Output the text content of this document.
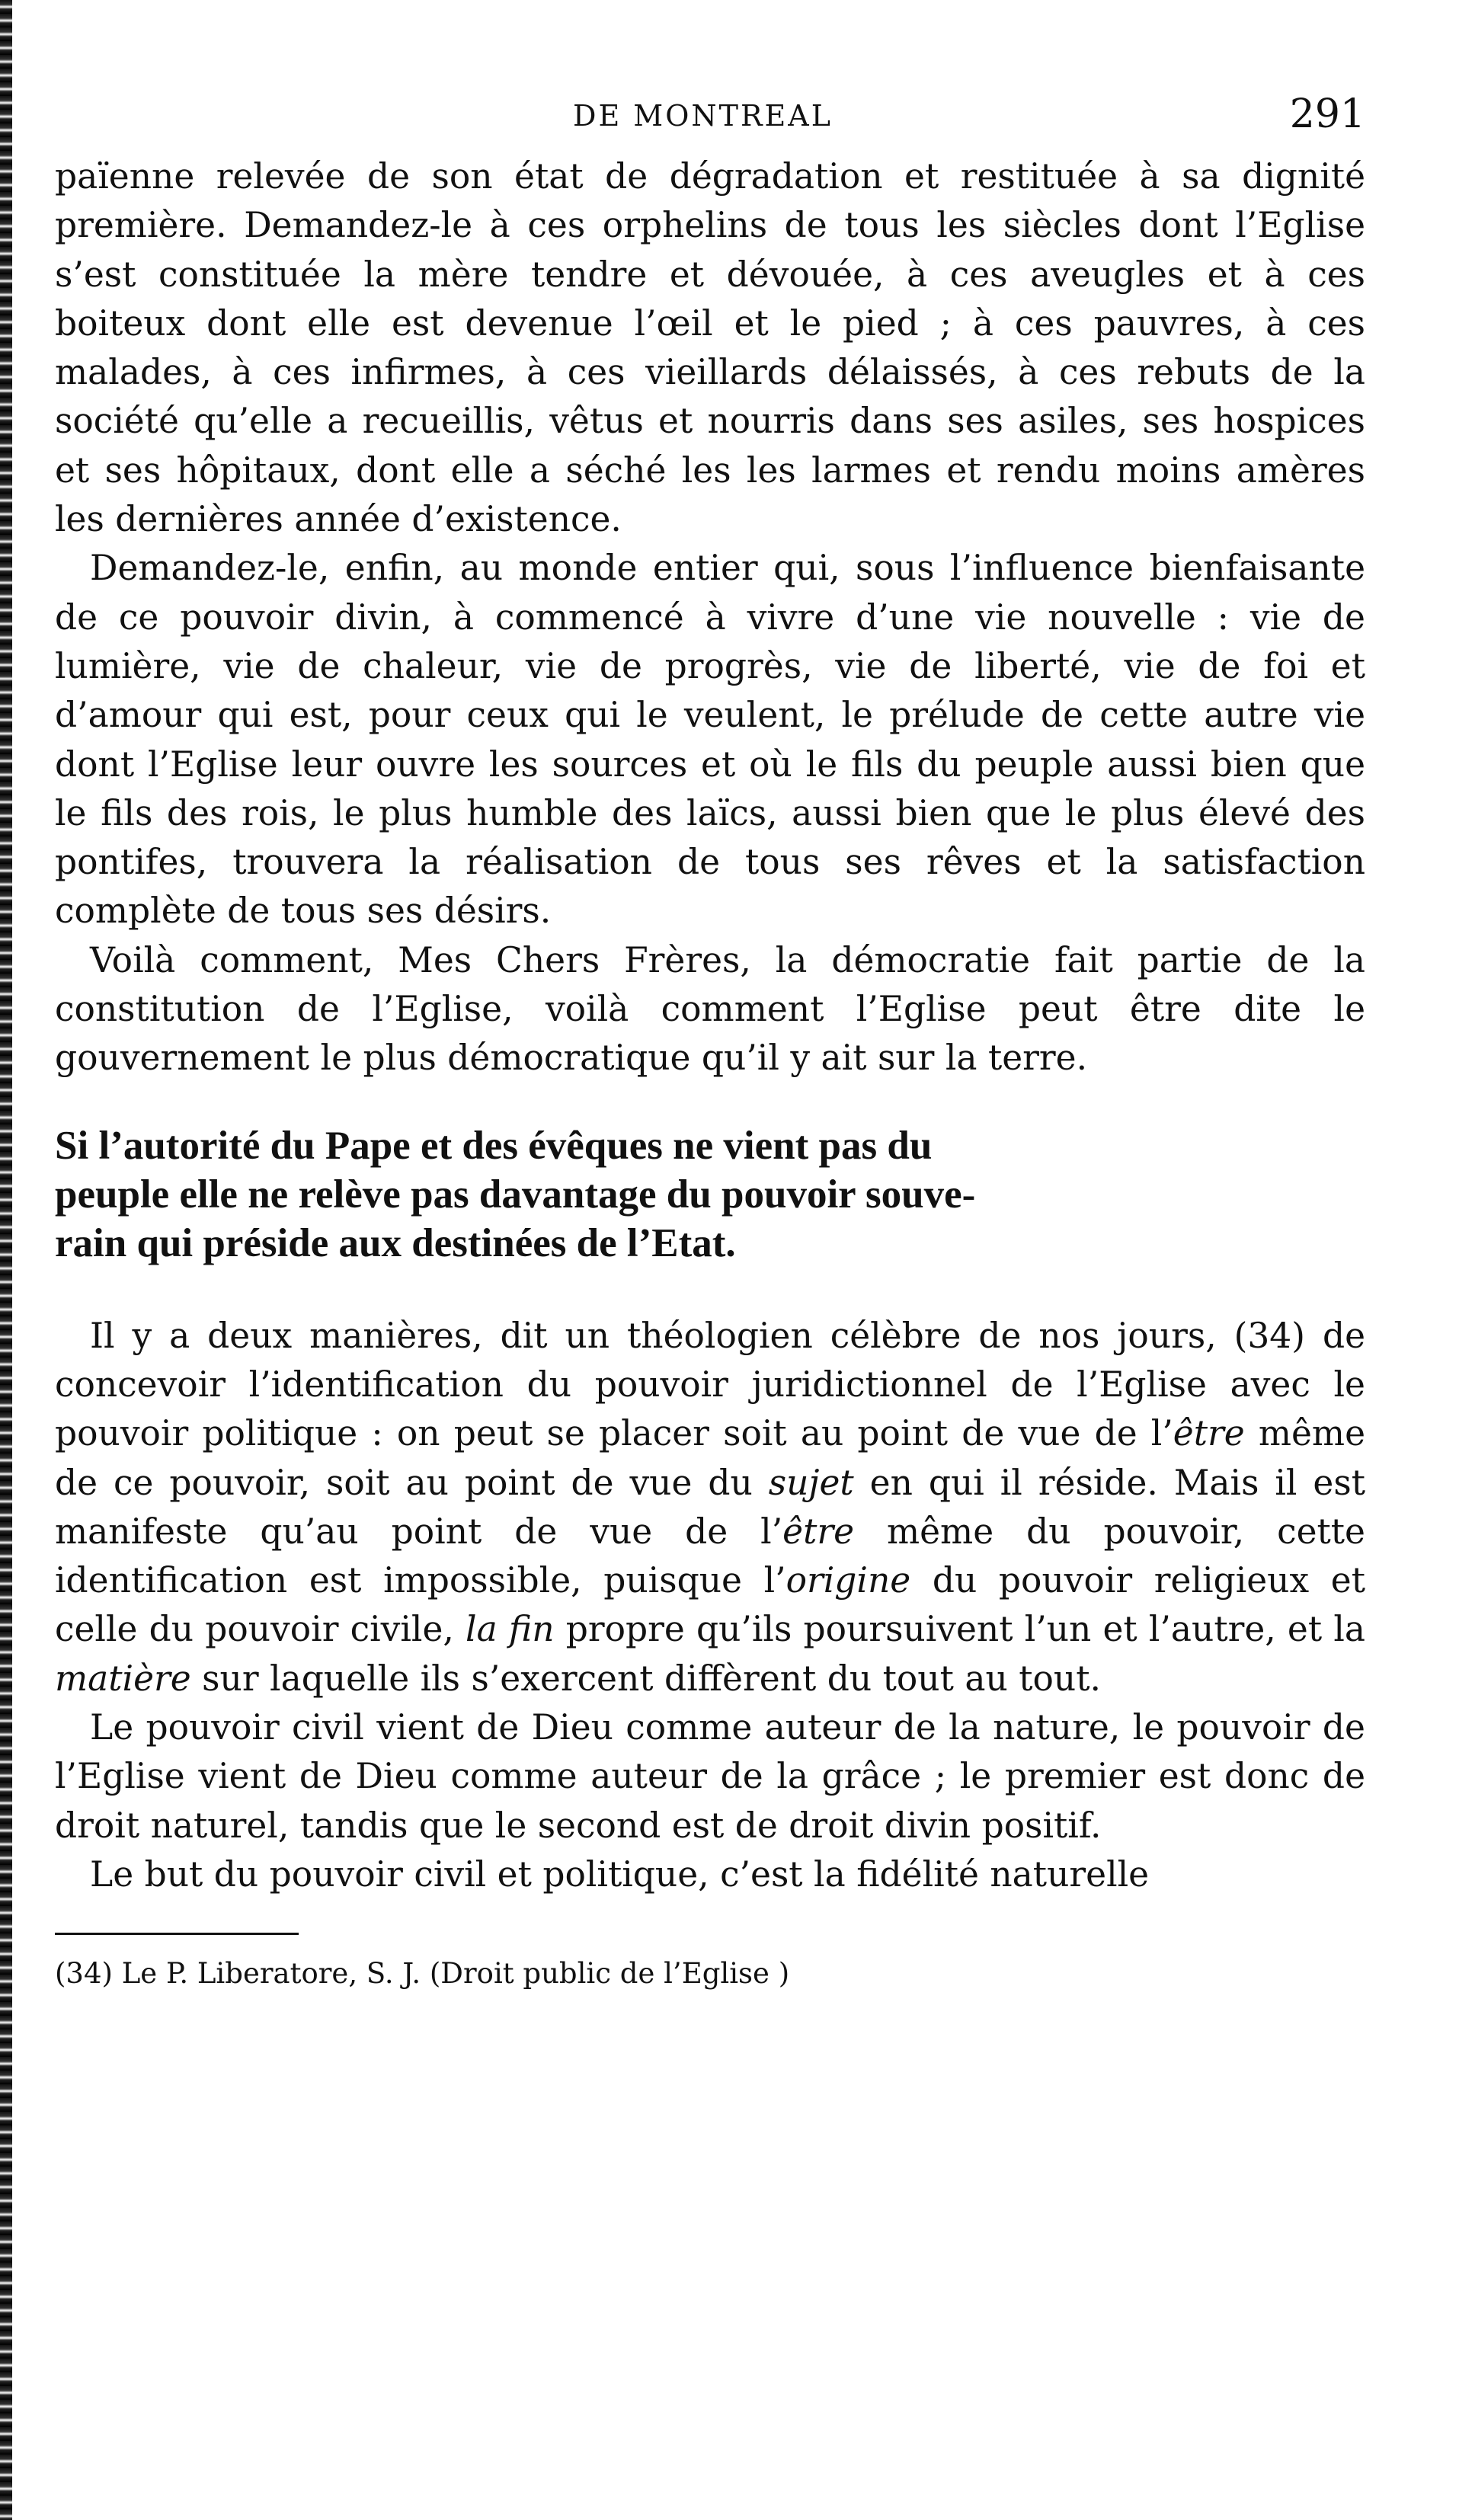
DE MONTREAL	291

païenne relevée de son état de dégradation et restituée à sa dignité première. Demandez-le à ces orphelins de tous les siècles dont l’Eglise s’est constituée la mère tendre et dévouée, à ces aveugles et à ces boiteux dont elle est devenue l’œil et le pied ; à ces pauvres, à ces malades, à ces infirmes, à ces vieillards délaissés, à ces rebuts de la société qu’elle a recueillis, vêtus et nourris dans ses asiles, ses hospices et ses hôpitaux, dont elle a séché les les larmes et rendu moins amères les dernières année d’existence.

Demandez-le, enfin, au monde entier qui, sous l’influence bienfaisante de ce pouvoir divin, à commencé à vivre d’une vie nouvelle : vie de lumière, vie de chaleur, vie de progrès, vie de liberté, vie de foi et d’amour qui est, pour ceux qui le veulent, le prélude de cette autre vie dont l’Eglise leur ouvre les sources et où le fils du peuple aussi bien que le fils des rois, le plus humble des laïcs, aussi bien que le plus élevé des pontifes, trouvera la réalisation de tous ses rêves et la satisfaction complète de tous ses désirs.

Voilà comment, Mes Chers Frères, la démocratie fait partie de la constitution de l’Eglise, voilà comment l’Eglise peut être dite le gouvernement le plus démocratique qu’il y ait sur la terre.

Si l’autorité du Pape et des évêques ne vient pas du
peuple elle ne relève pas davantage du pouvoir souve-
rain qui préside aux destinées de l’Etat.

Il y a deux manières, dit un théologien célèbre de nos jours, (34) de concevoir l’identification du pouvoir juridictionnel de l’Eglise avec le pouvoir politique : on peut se placer soit au point de vue de l’être même de ce pouvoir, soit au point de vue du sujet en qui il réside. Mais il est manifeste qu’au point de vue de l’être même du pouvoir, cette identification est impossible, puisque l’origine du pouvoir religieux et celle du pouvoir civile, la fin propre qu’ils poursuivent l’un et l’autre, et la matière sur laquelle ils s’exercent diffèrent du tout au tout.

Le pouvoir civil vient de Dieu comme auteur de la nature, le pouvoir de l’Eglise vient de Dieu comme auteur de la grâce ; le premier est donc de droit naturel, tandis que le second est de droit divin positif.

Le but du pouvoir civil et politique, c’est la fidélité naturelle

(34) Le P. Liberatore, S. J. (Droit public de l’Eglise )
